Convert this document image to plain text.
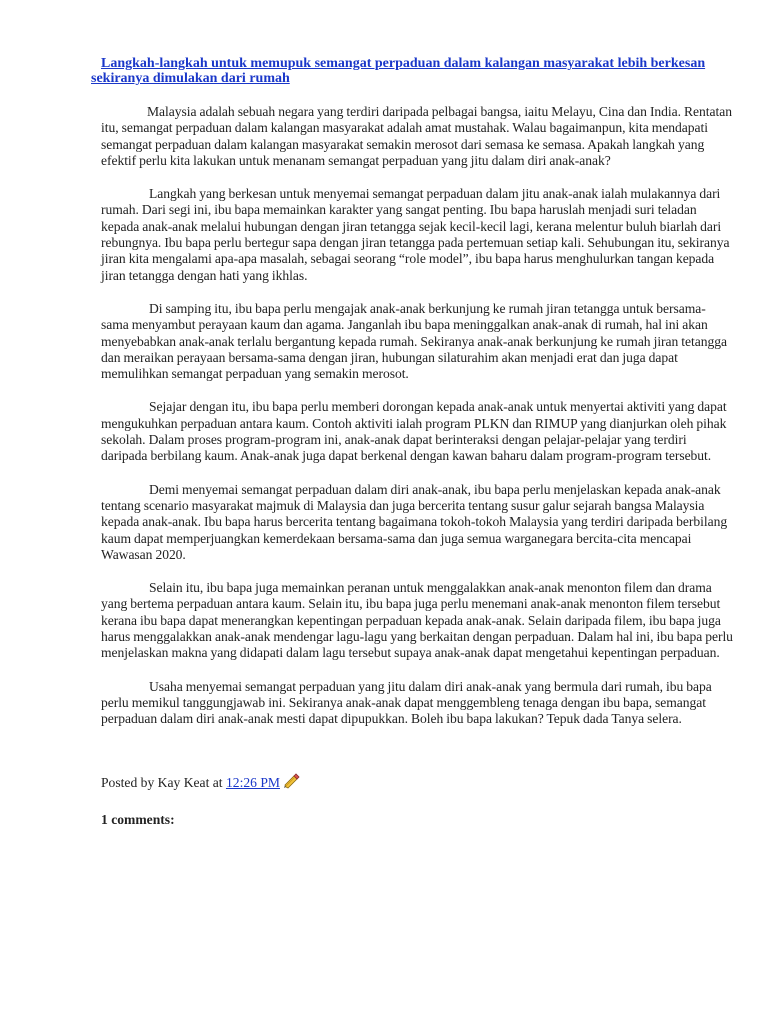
Langkah-langkah untuk memupuk semangat perpaduan dalam kalangan masyarakat lebih berkesan sekiranya dimulakan dari rumah

Malaysia adalah sebuah negara yang terdiri daripada pelbagai bangsa, iaitu Melayu, Cina dan India. Rentatan itu, semangat perpaduan dalam kalangan masyarakat adalah amat mustahak. Walau bagaimanpun, kita mendapati semangat perpaduan dalam kalangan masyarakat semakin merosot dari semasa ke semasa. Apakah langkah yang efektif perlu kita lakukan untuk menanam semangat perpaduan yang jitu dalam diri anak-anak?

Langkah yang berkesan untuk menyemai semangat perpaduan dalam jitu anak-anak ialah mulakannya dari rumah. Dari segi ini, ibu bapa memainkan karakter yang sangat penting. Ibu bapa haruslah menjadi suri teladan kepada anak-anak melalui hubungan dengan jiran tetangga sejak kecil-kecil lagi, kerana melentur buluh biarlah dari rebungnya. Ibu bapa perlu bertegur sapa dengan jiran tetangga pada pertemuan setiap kali. Sehubungan itu, sekiranya jiran kita mengalami apa-apa masalah, sebagai seorang “role model”, ibu bapa harus menghulurkan tangan kepada jiran tetangga dengan hati yang ikhlas.

Di samping itu, ibu bapa perlu mengajak anak-anak berkunjung ke rumah jiran tetangga untuk bersama-sama menyambut perayaan kaum dan agama. Janganlah ibu bapa meninggalkan anak-anak di rumah, hal ini akan menyebabkan anak-anak terlalu bergantung kepada rumah. Sekiranya anak-anak berkunjung ke rumah jiran tetangga dan meraikan perayaan bersama-sama dengan jiran, hubungan silaturahim akan menjadi erat dan juga dapat memulihkan semangat perpaduan yang semakin merosot.

Sejajar dengan itu, ibu bapa perlu memberi dorongan kepada anak-anak untuk menyertai aktiviti yang dapat mengukuhkan perpaduan antara kaum. Contoh aktiviti ialah program PLKN dan RIMUP yang dianjurkan oleh pihak sekolah. Dalam proses program-program ini, anak-anak dapat berinteraksi dengan pelajar-pelajar yang terdiri daripada berbilang kaum. Anak-anak juga dapat berkenal dengan kawan baharu dalam program-program tersebut.

Demi menyemai semangat perpaduan dalam diri anak-anak, ibu bapa perlu menjelaskan kepada anak-anak tentang scenario masyarakat majmuk di Malaysia dan juga bercerita tentang susur galur sejarah bangsa Malaysia kepada anak-anak. Ibu bapa harus bercerita tentang bagaimana tokoh-tokoh Malaysia yang terdiri daripada berbilang kaum dapat memperjuangkan kemerdekaan bersama-sama dan juga semua warganegara bercita-cita mencapai Wawasan 2020.

Selain itu, ibu bapa juga memainkan peranan untuk menggalakkan anak-anak menonton filem dan drama yang bertema perpaduan antara kaum. Selain itu, ibu bapa juga perlu menemani anak-anak menonton filem tersebut kerana ibu bapa dapat menerangkan kepentingan perpaduan kepada anak-anak. Selain daripada filem, ibu bapa juga harus menggalakkan anak-anak mendengar lagu-lagu yang berkaitan dengan perpaduan. Dalam hal ini, ibu bapa perlu menjelaskan makna yang didapati dalam lagu tersebut supaya anak-anak dapat mengetahui kepentingan perpaduan.

Usaha menyemai semangat perpaduan yang jitu dalam diri anak-anak yang bermula dari rumah, ibu bapa perlu memikul tanggungjawab ini. Sekiranya anak-anak dapat menggembleng tenaga dengan ibu bapa, semangat perpaduan dalam diri anak-anak mesti dapat dipupukkan. Boleh ibu bapa lakukan? Tepuk dada Tanya selera.

Posted by Kay Keat at 12:26 PM
1 comments:
